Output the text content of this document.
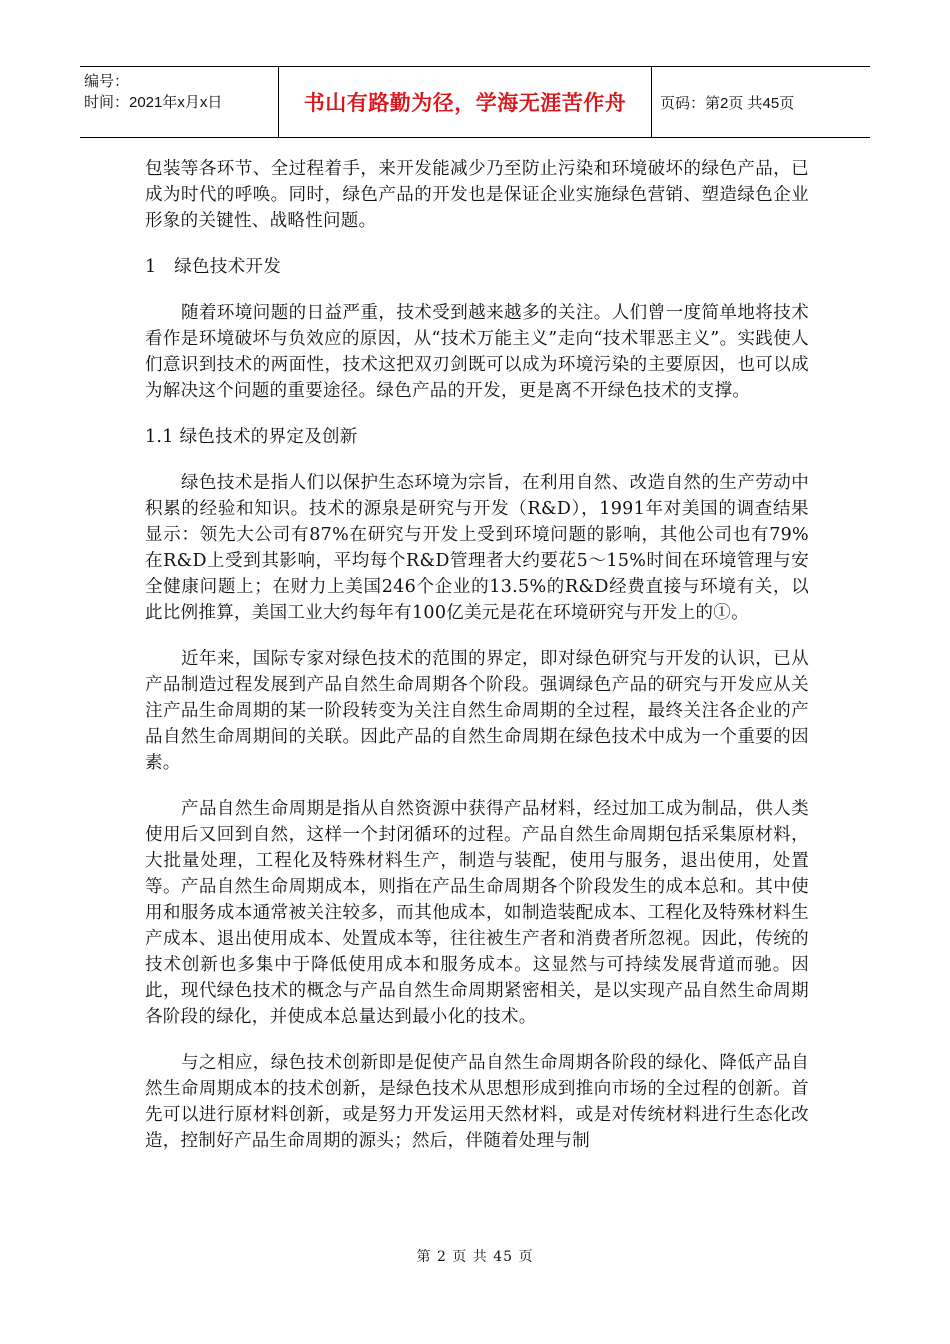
编号：
时间：2021年x月x日	书山有路勤为径，学海无涯苦作舟 页码：第2页 共45页

包装等各环节、全过程着手，来开发能减少乃至防止污染和环境破坏的绿色产品，已成为时代的呼唤。同时，绿色产品的开发也是保证企业实施绿色营销、塑造绿色企业形象的关键性、战略性问题。

1　绿色技术开发

随着环境问题的日益严重，技术受到越来越多的关注。人们曾一度简单地将技术看作是环境破坏与负效应的原因，从“技术万能主义”走向“技术罪恶主义”。实践使人们意识到技术的两面性，技术这把双刃剑既可以成为环境污染的主要原因，也可以成为解决这个问题的重要途径。绿色产品的开发，更是离不开绿色技术的支撑。

1.1 绿色技术的界定及创新

绿色技术是指人们以保护生态环境为宗旨，在利用自然、改造自然的生产劳动中积累的经验和知识。技术的源泉是研究与开发（R&D），1991年对美国的调查结果显示：领先大公司有87%在研究与开发上受到环境问题的影响，其他公司也有79%在R&D上受到其影响，平均每个R&D管理者大约要花5～15%时间在环境管理与安全健康问题上；在财力上美国246个企业的13.5%的R&D经费直接与环境有关，以此比例推算，美国工业大约每年有100亿美元是花在环境研究与开发上的①。

近年来，国际专家对绿色技术的范围的界定，即对绿色研究与开发的认识，已从产品制造过程发展到产品自然生命周期各个阶段。强调绿色产品的研究与开发应从关注产品生命周期的某一阶段转变为关注自然生命周期的全过程，最终关注各企业的产品自然生命周期间的关联。因此产品的自然生命周期在绿色技术中成为一个重要的因素。

产品自然生命周期是指从自然资源中获得产品材料，经过加工成为制品，供人类使用后又回到自然，这样一个封闭循环的过程。产品自然生命周期包括采集原材料，大批量处理，工程化及特殊材料生产，制造与装配，使用与服务，退出使用，处置等。产品自然生命周期成本，则指在产品生命周期各个阶段发生的成本总和。其中使用和服务成本通常被关注较多，而其他成本，如制造装配成本、工程化及特殊材料生产成本、退出使用成本、处置成本等，往往被生产者和消费者所忽视。因此，传统的技术创新也多集中于降低使用成本和服务成本。这显然与可持续发展背道而驰。因此，现代绿色技术的概念与产品自然生命周期紧密相关，是以实现产品自然生命周期各阶段的绿化，并使成本总量达到最小化的技术。

与之相应，绿色技术创新即是促使产品自然生命周期各阶段的绿化、降低产品自然生命周期成本的技术创新，是绿色技术从思想形成到推向市场的全过程的创新。首先可以进行原材料创新，或是努力开发运用天然材料，或是对传统材料进行生态化改造，控制好产品生命周期的源头；然后，伴随着处理与制

第 2 页 共 45 页
